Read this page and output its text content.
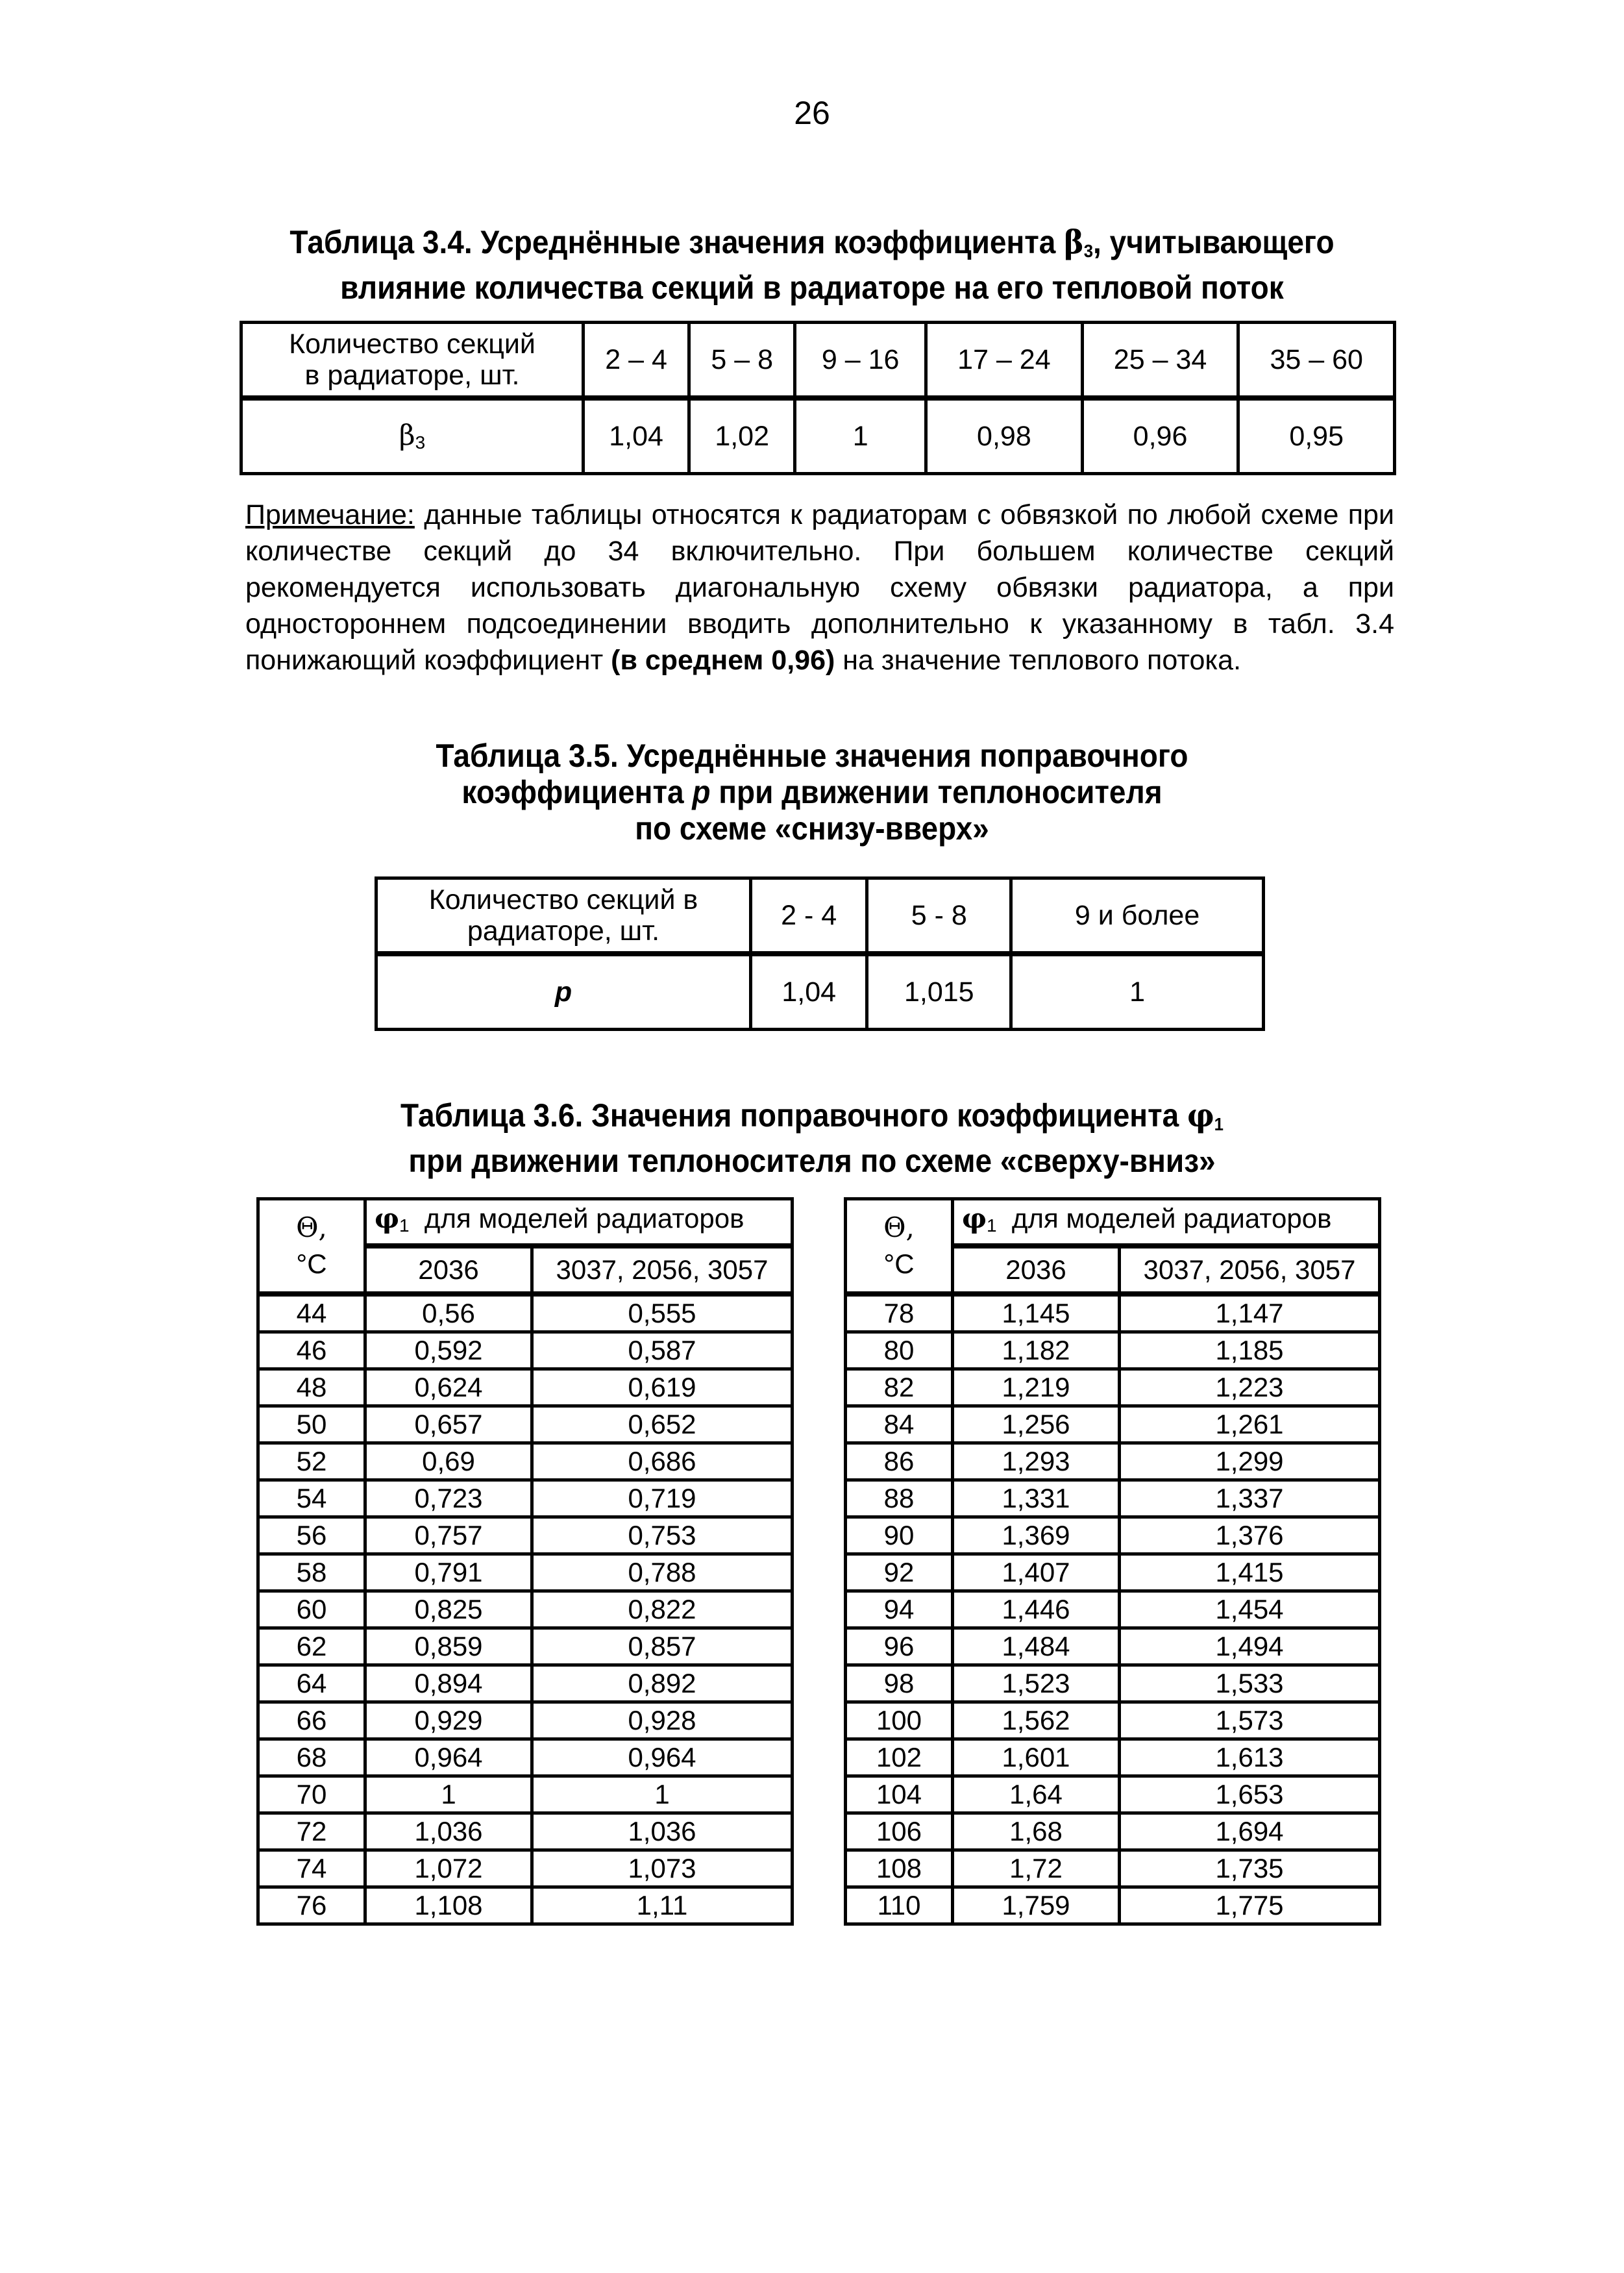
26
Таблица 3.4. Усреднённые значения коэффициента $\beta_3$, учитывающего
влияние количества секций в радиаторе на его тепловой поток
Количество секций
в радиаторе, шт.	2 – 4	5 – 8	9 – 16	17 – 24	25 – 34	35 – 60
$\beta_3$	1,04	1,02	1	0,98	0,96	0,95
Примечание: данные таблицы относятся к радиаторам с обвязкой по любой схеме при количестве секций до 34 включительно. При большем количестве секций рекомендуется использовать диагональную схему обвязки радиатора, а при одностороннем подсоединении вводить дополнительно к указанному в табл. 3.4 понижающий коэффициент (в среднем 0,96) на значение теплового потока.
Таблица 3.5. Усреднённые значения поправочного
коэффициента p при движении теплоносителя
по схеме «снизу-вверх»
Количество секций в
радиаторе, шт.	2 - 4	5 - 8	9 и более
p	1,04	1,015	1
Таблица 3.6. Значения поправочного коэффициента $\varphi_1$
при движении теплоносителя по схеме «сверху-вниз»
Θ,
°C	$\varphi_1$  для моделей радиаторов	
	2036	3037, 2056, 3057
44	0,56	0,555
46	0,592	0,587
48	0,624	0,619
50	0,657	0,652
52	0,69	0,686
54	0,723	0,719
56	0,757	0,753
58	0,791	0,788
60	0,825	0,822
62	0,859	0,857
64	0,894	0,892
66	0,929	0,928
68	0,964	0,964
70	1	1
72	1,036	1,036
74	1,072	1,073
76	1,108	1,11
Θ,
°C	$\varphi_1$  для моделей радиаторов	
	2036	3037, 2056, 3057
78	1,145	1,147
80	1,182	1,185
82	1,219	1,223
84	1,256	1,261
86	1,293	1,299
88	1,331	1,337
90	1,369	1,376
92	1,407	1,415
94	1,446	1,454
96	1,484	1,494
98	1,523	1,533
100	1,562	1,573
102	1,601	1,613
104	1,64	1,653
106	1,68	1,694
108	1,72	1,735
110	1,759	1,775
